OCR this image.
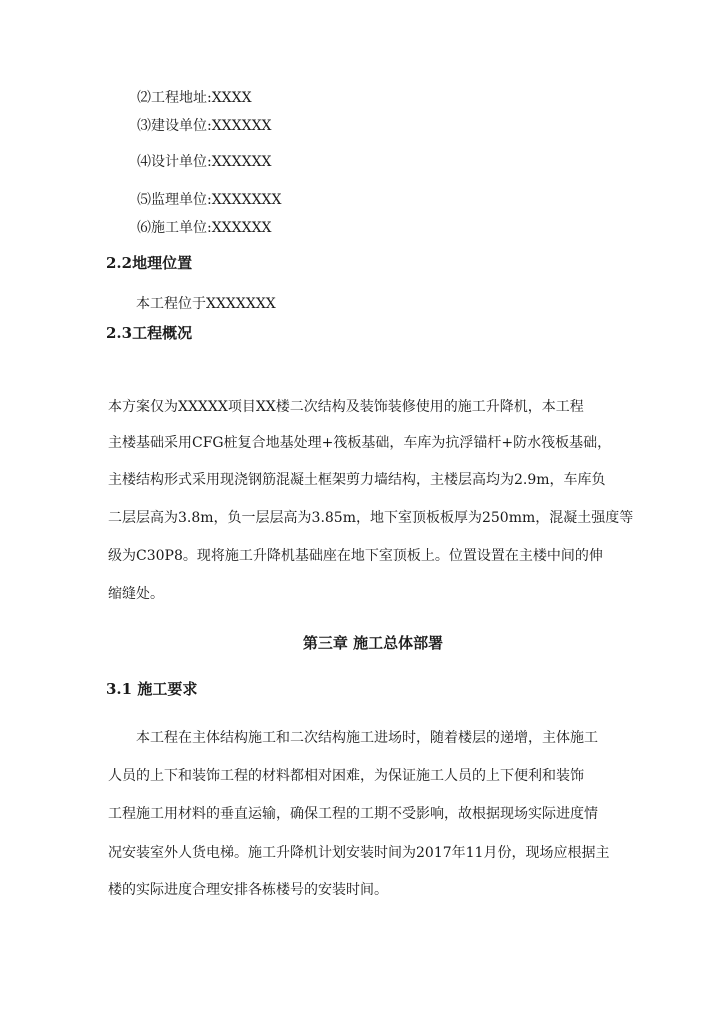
⑵工程地址:XXXX
⑶建设单位:XXXXXX
⑷设计单位:XXXXXX
⑸监理单位:XXXXXXX
⑹施工单位:XXXXXX
2.2地理位置
本工程位于XXXXXXX
2.3工程概况
本方案仅为XXXXX项目XX楼二次结构及装饰装修使用的施工升降机，本工程
主楼基础采用CFG桩复合地基处理+筏板基础，车库为抗浮锚杆+防水筏板基础，
主楼结构形式采用现浇钢筋混凝土框架剪力墙结构，主楼层高均为2.9m，车库负
二层层高为3.8m，负一层层高为3.85m，地下室顶板板厚为250mm，混凝土强度等
级为C30P8。现将施工升降机基础座在地下室顶板上。位置设置在主楼中间的伸
缩缝处。
第三章 施工总体部署
3.1 施工要求
本工程在主体结构施工和二次结构施工进场时，随着楼层的递增，主体施工
人员的上下和装饰工程的材料都相对困难，为保证施工人员的上下便利和装饰
工程施工用材料的垂直运输，确保工程的工期不受影响，故根据现场实际进度情
况安装室外人货电梯。施工升降机计划安装时间为2017年11月份，现场应根据主
楼的实际进度合理安排各栋楼号的安装时间。
